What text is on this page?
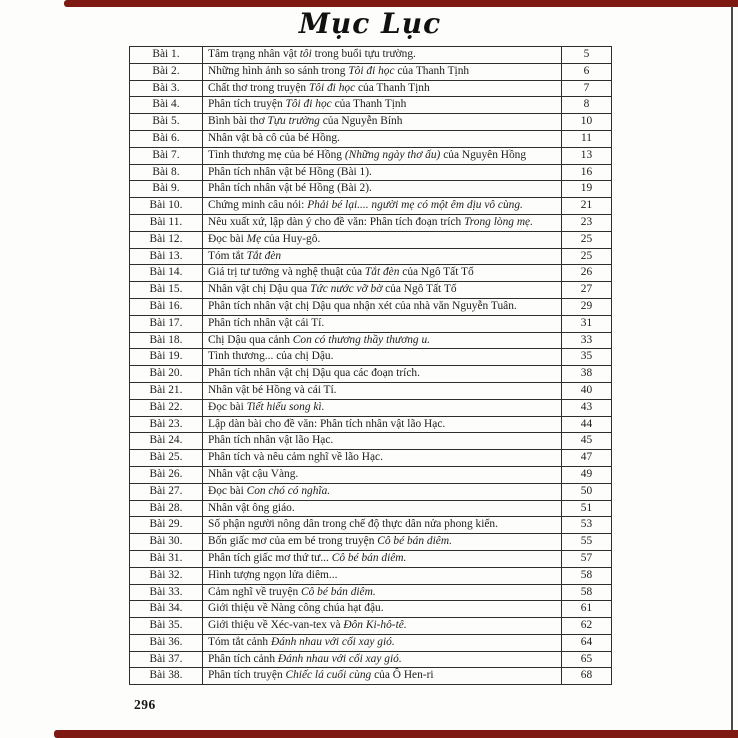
Mục Lục
Bài 1.	Tâm trạng nhân vật tôi trong buổi tựu trường.	5
Bài 2.	Những hình ảnh so sánh trong Tôi đi học của Thanh Tịnh	6
Bài 3.	Chất thơ trong truyện Tôi đi học của Thanh Tịnh	7
Bài 4.	Phân tích truyện Tôi đi học của Thanh Tịnh	8
Bài 5.	Bình bài thơ Tựu trường của Nguyễn Bính	10
Bài 6.	Nhân vật bà cô của bé Hồng.	11
Bài 7.	Tình thương mẹ của bé Hồng (Những ngày thơ ấu) của Nguyên Hồng	13
Bài 8.	Phân tích nhân vật bé Hồng (Bài 1).	16
Bài 9.	Phân tích nhân vật bé Hồng (Bài 2).	19
Bài 10.	Chứng minh câu nói: Phải bé lại.... người mẹ có một êm dịu vô cùng.	21
Bài 11.	Nêu xuất xứ, lập dàn ý cho đề văn: Phân tích đoạn trích Trong lòng mẹ.	23
Bài 12.	Đọc bài Mẹ của Huy-gô.	25
Bài 13.	Tóm tắt Tắt đèn	25
Bài 14.	Giá trị tư tưởng và nghệ thuật của Tắt đèn của Ngô Tất Tố	26
Bài 15.	Nhân vật chị Dậu qua Tức nước vỡ bờ của Ngô Tất Tố	27
Bài 16.	Phân tích nhân vật chị Dậu qua nhận xét của nhà văn Nguyễn Tuân.	29
Bài 17.	Phân tích nhân vật cái Tí.	31
Bài 18.	Chị Dậu qua cảnh Con có thương thầy thương u.	33
Bài 19.	Tình thương... của chị Dậu.	35
Bài 20.	Phân tích nhân vật chị Dậu qua các đoạn trích.	38
Bài 21.	Nhân vật bé Hồng và cái Tí.	40
Bài 22.	Đọc bài Tiết hiếu song kì.	43
Bài 23.	Lập dàn bài cho đề văn: Phân tích nhân vật lão Hạc.	44
Bài 24.	Phân tích nhân vật lão Hạc.	45
Bài 25.	Phân tích và nêu cảm nghĩ về lão Hạc.	47
Bài 26.	Nhân vật cậu Vàng.	49
Bài 27.	Đọc bài Con chó có nghĩa.	50
Bài 28.	Nhân vật ông giáo.	51
Bài 29.	Số phận người nông dân trong chế độ thực dân nửa phong kiến.	53
Bài 30.	Bốn giấc mơ của em bé trong truyện Cô bé bán diêm.	55
Bài 31.	Phân tích giấc mơ thứ tư... Cô bé bán diêm.	57
Bài 32.	Hình tượng ngọn lửa diêm...	58
Bài 33.	Cảm nghĩ về truyện Cô bé bán diêm.	58
Bài 34.	Giới thiệu về Nàng công chúa hạt đậu.	61
Bài 35.	Giới thiệu về Xéc-van-tex và Đôn Ki-hô-tê.	62
Bài 36.	Tóm tắt cảnh Đánh nhau với cối xay gió.	64
Bài 37.	Phân tích cảnh Đánh nhau với cối xay gió.	65
Bài 38.	Phân tích truyện Chiếc lá cuối cùng của Ô Hen-ri	68
296
